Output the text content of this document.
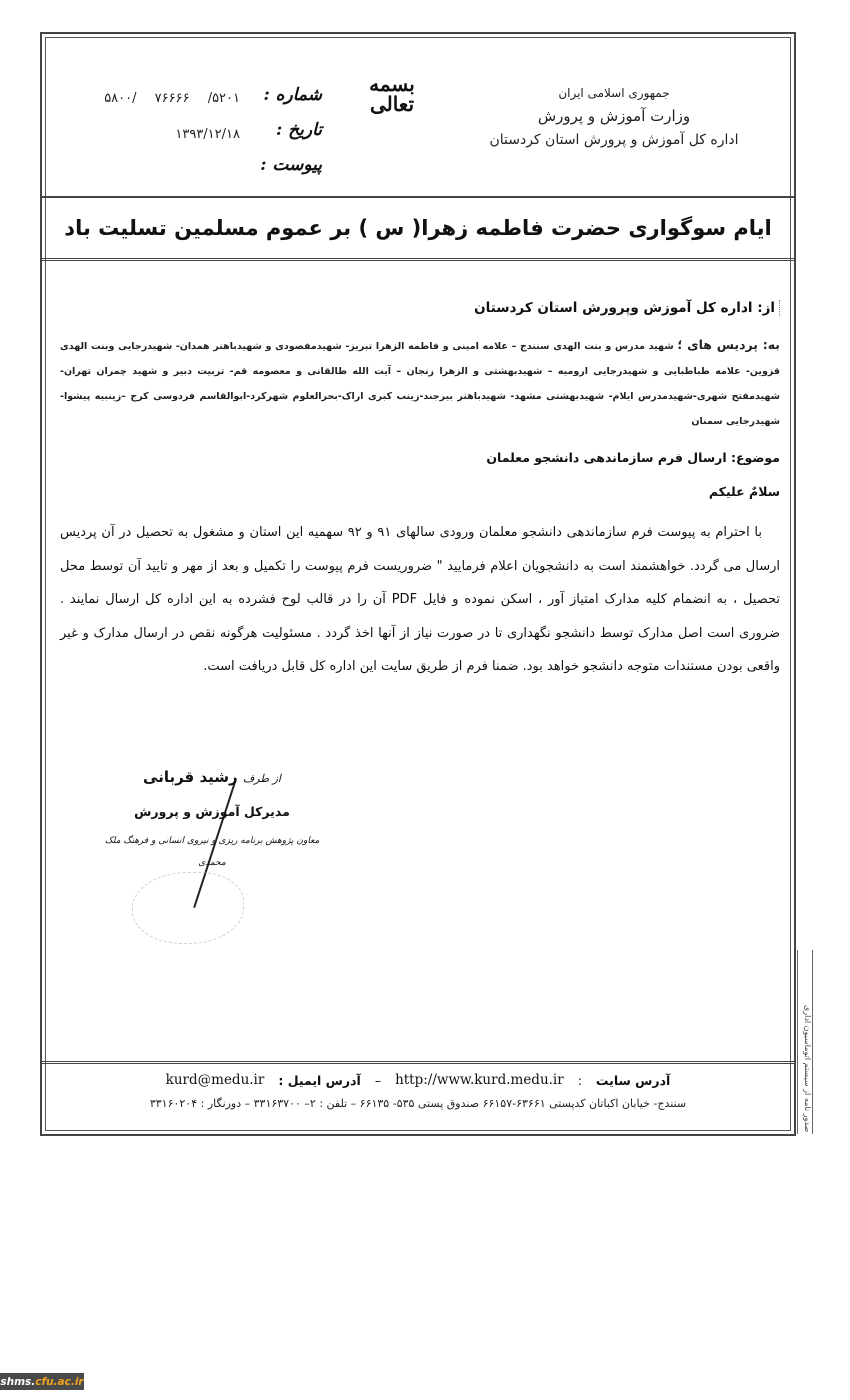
جمهوری اسلامی ایران
وزارت آموزش و پرورش
اداره کل آموزش و پرورش استان کردستان
بسمه تعالی
شماره :
تاریخ :
پیوست :
۵۸۰۰/ ۷۶۶۶۶ /۵۲۰۱
۱۳۹۳/۱۲/۱۸
ایام سوگواری حضرت فاطمه زهرا( س ) بر عموم مسلمین تسلیت باد
از: اداره کل آموزش وپرورش استان کردستان
به: پردیس های ؛ شهید مدرس و بنت الهدی سنندج – علامه امینی و فاطمه الزهرا تبریز- شهیدمفصودی و شهیدباهنر همدان- شهیدرجایی وبنت الهدی قزوین- علامه طباطبایی و شهیدرجایی ارومیه – شهیدبهشتی و الزهرا زنجان – آیت الله طالقانی و معصومه قم- تربیت دبیر و شهید چمران تهران-شهیدمفتح شهری-شهیدمدرس ایلام- شهیدبهشتی مشهد- شهیدباهنر بیرجند-زینب کبری اراک-بحرالعلوم شهرکرد-ابوالقاسم فردوسی کرج –زینبیه پیشوا-شهیدرجایی سمنان
موضوع: ارسال فرم سازماندهی دانشجو معلمان
سلامٌ علیکم
با احترام به پیوست فرم سازماندهی دانشجو معلمان ورودی سالهای ۹۱ و ۹۲ سهمیه این استان و مشغول به تحصیل در آن پردیس ارسال می گردد. خواهشمند است به دانشجویان اعلام فرمایید " ضروریست فرم پیوست را تکمیل و بعد از مهر و تایید آن توسط محل تحصیل ، به انضمام کلیه مدارک امتیاز آور ، اسکن نموده و فایل PDF آن را در قالب لوح فشرده به این اداره کل ارسال نمایند . ضروری است اصل مدارک توسط دانشجو نگهداری تا در صورت نیاز از آنها اخذ گردد . مسئولیت هرگونه نقص در ارسال مدارک و غیر واقعی بودن مستندات متوجه دانشجو خواهد بود. ضمنا فرم از طریق سایت این اداره کل قابل دریافت است.
از طرف رشید قربانی
مدیرکل آموزش و پرورش
معاون پژوهش برنامه ریزی و نیروی انسانی و فرهنگ ملک محمدی
آدرس سایت
:
http://www.kurd.medu.ir
–
آدرس ایمیل :
kurd@medu.ir
سنندج- خیابان اکباتان کدپستی ۶۳۶۶۱-۶۶۱۵۷ صندوق پستی ۵۳۵- ۶۶۱۳۵ – تلفن : ۲– ۳۳۱۶۳۷۰۰ – دورنگار : ۳۳۱۶۰۲۰۴	صدور نامه از سیستم اتوماسیون اداری
shms. cfu.ac.ir
